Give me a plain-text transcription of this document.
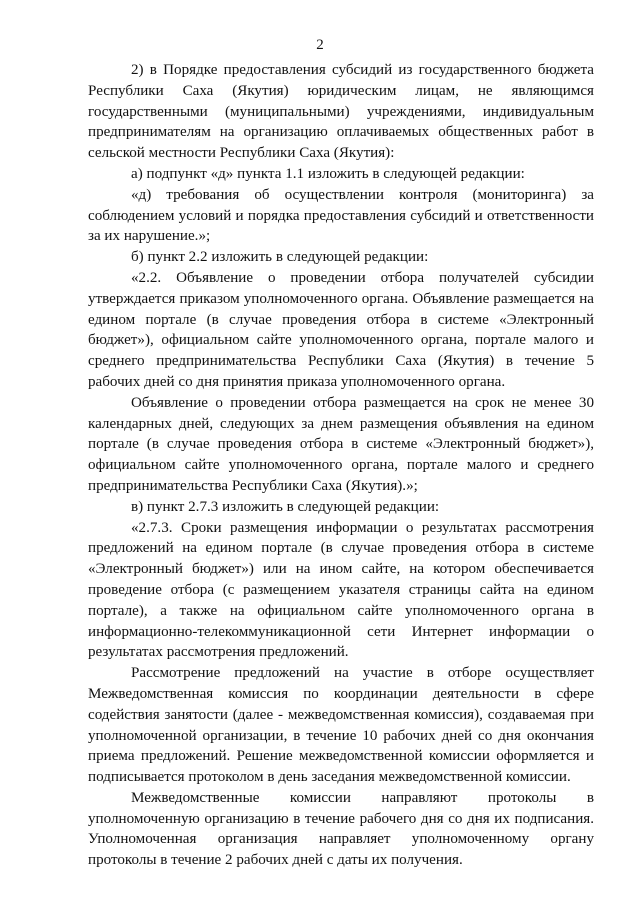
2

2) в Порядке предоставления субсидий из государственного бюджета Республики Саха (Якутия) юридическим лицам, не являющимся государственными (муниципальными) учреждениями, индивидуальным предпринимателям на организацию оплачиваемых общественных работ в сельской местности Республики Саха (Якутия):

а) подпункт «д» пункта 1.1 изложить в следующей редакции:

«д) требования об осуществлении контроля (мониторинга) за соблюдением условий и порядка предоставления субсидий и ответственности за их нарушение.»;

б) пункт 2.2 изложить в следующей редакции:

«2.2. Объявление о проведении отбора получателей субсидии утверждается приказом уполномоченного органа. Объявление размещается на едином портале (в случае проведения отбора в системе «Электронный бюджет»), официальном сайте уполномоченного органа, портале малого и среднего предпринимательства Республики Саха (Якутия) в течение 5 рабочих дней со дня принятия приказа уполномоченного органа.

Объявление о проведении отбора размещается на срок не менее 30 календарных дней, следующих за днем размещения объявления на едином портале (в случае проведения отбора в системе «Электронный бюджет»), официальном сайте уполномоченного органа, портале малого и среднего предпринимательства Республики Саха (Якутия).»;

в) пункт 2.7.3 изложить в следующей редакции:

«2.7.3. Сроки размещения информации о результатах рассмотрения предложений на едином портале (в случае проведения отбора в системе «Электронный бюджет») или на ином сайте, на котором обеспечивается проведение отбора (с размещением указателя страницы сайта на едином портале), а также на официальном сайте уполномоченного органа в информационно-телекоммуникационной сети Интернет информации о результатах рассмотрения предложений.

Рассмотрение предложений на участие в отборе осуществляет Межведомственная комиссия по координации деятельности в сфере содействия занятости (далее - межведомственная комиссия), создаваемая при уполномоченной организации, в течение 10 рабочих дней со дня окончания приема предложений. Решение межведомственной комиссии оформляется и подписывается протоколом в день заседания межведомственной комиссии.

Межведомственные комиссии направляют протоколы в уполномоченную организацию в течение рабочего дня со дня их подписания. Уполномоченная организация направляет уполномоченному органу протоколы в течение 2 рабочих дней с даты их получения.
